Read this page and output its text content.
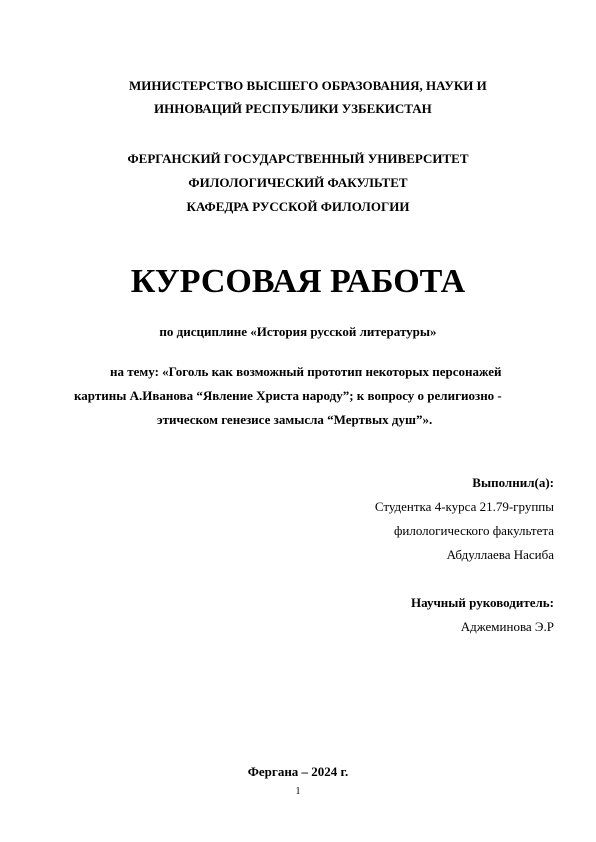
МИНИСТЕРСТВО ВЫСШЕГО ОБРАЗОВАНИЯ, НАУКИ И
ИННОВАЦИЙ РЕСПУБЛИКИ УЗБЕКИСТАН
ФЕРГАНСКИЙ ГОСУДАРСТВЕННЫЙ УНИВЕРСИТЕТ
ФИЛОЛОГИЧЕСКИЙ ФАКУЛЬТЕТ
КАФЕДРА РУССКОЙ ФИЛОЛОГИИ
КУРСОВАЯ РАБОТА
по дисциплине «История русской литературы»
на тему: «Гоголь как возможный прототип некоторых персонажей
картины А.Иванова “Явление Христа народу”; к вопросу о религиозно -
этическом генезисе замысла “Мертвых душ”».
Выполнил(а):
Студентка 4-курса 21.79-группы
филологического факультета
Абдуллаева Насиба
Научный руководитель:
Аджеминова Э.Р
Фергана – 2024 г.
1
